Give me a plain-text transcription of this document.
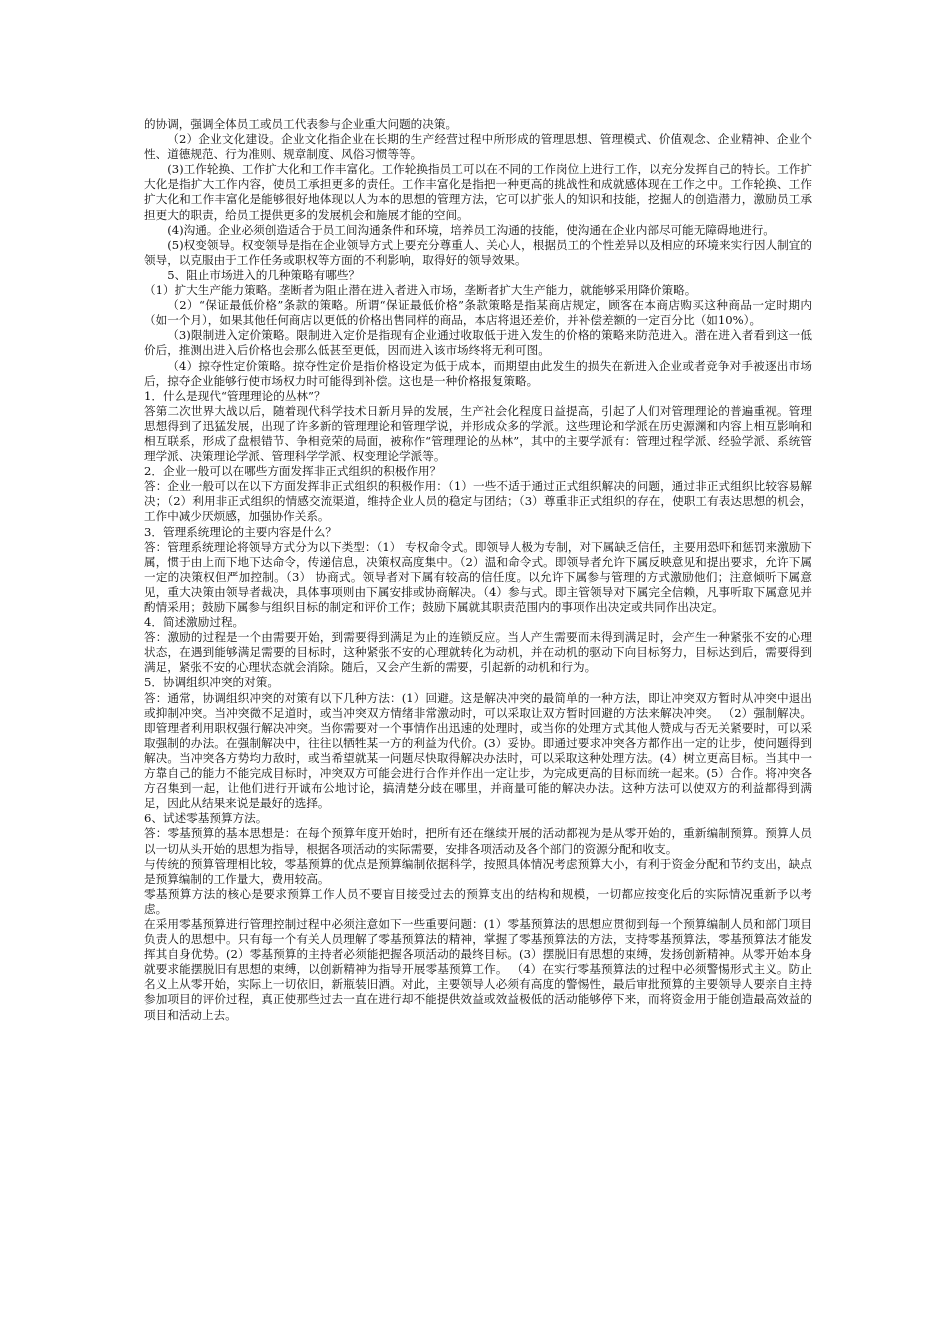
的协调，强调全体员工或员工代表参与企业重大问题的决策。

（2）企业文化建设。企业文化指企业在长期的生产经营过程中所形成的管理思想、管理模式、价值观念、企业精神、企业个性、道德规范、行为准则、规章制度、风俗习惯等等。

(3)工作轮换、工作扩大化和工作丰富化。工作轮换指员工可以在不同的工作岗位上进行工作，以充分发挥自己的特长。工作扩大化是指扩大工作内容，使员工承担更多的责任。工作丰富化是指把一种更高的挑战性和成就感体现在工作之中。工作轮换、工作扩大化和工作丰富化是能够很好地体现以人为本的思想的管理方法，它可以扩张人的知识和技能，挖掘人的创造潜力，激励员工承担更大的职责，给员工提供更多的发展机会和施展才能的空间。

(4)沟通。企业必须创造适合于员工间沟通条件和环境，培养员工沟通的技能，使沟通在企业内部尽可能无障碍地进行。

(5)权变领导。权变领导是指在企业领导方式上要充分尊重人、关心人，根据员工的个性差异以及相应的环境来实行因人制宜的领导，以克服由于工作任务或职权等方面的不利影响，取得好的领导效果。

5、阻止市场进入的几种策略有哪些？

（1）扩大生产能力策略。垄断者为阻止潜在进入者进入市场，垄断者扩大生产能力，就能够采用降价策略。

（2）“保证最低价格”条款的策略。所谓“保证最低价格”条款策略是指某商店规定，顾客在本商店购买这种商品一定时期内（如一个月），如果其他任何商店以更低的价格出售同样的商品，本店将退还差价，并补偿差额的一定百分比（如10%）。

（3)限制进入定价策略。限制进入定价是指现有企业通过收取低于进入发生的价格的策略来防范进入。潜在进入者看到这一低价后，推测出进入后价格也会那么低甚至更低，因而进入该市场终将无利可图。

（4）掠夺性定价策略。掠夺性定价是指价格设定为低于成本，而期望由此发生的损失在新进入企业或者竞争对手被逐出市场后，掠夺企业能够行使市场权力时可能得到补偿。这也是一种价格报复策略。

1．什么是现代“管理理论的丛林”？

答第二次世界大战以后，随着现代科学技术日新月异的发展，生产社会化程度日益提高，引起了人们对管理理论的普遍重视。管理思想得到了迅猛发展，出现了许多新的管理理论和管理学说，并形成众多的学派。这些理论和学派在历史源渊和内容上相互影响和相互联系，形成了盘根错节、争相竞荣的局面，被称作“管理理论的丛林”，其中的主要学派有：管理过程学派、经验学派、系统管理学派、决策理论学派、管理科学学派、权变理论学派等。

2．企业一般可以在哪些方面发挥非正式组织的积极作用？

答：企业一般可以在以下方面发挥非正式组织的积极作用：（1）一些不适于通过正式组织解决的问题，通过非正式组织比较容易解决；（2）利用非正式组织的情感交流渠道，维持企业人员的稳定与团结；（3）尊重非正式组织的存在，使职工有表达思想的机会，工作中减少厌烦感，加强协作关系。

3．管理系统理论的主要内容是什么？

答：管理系统理论将领导方式分为以下类型：（1） 专权命令式。即领导人极为专制，对下属缺乏信任，主要用恐吓和惩罚来激励下属，惯于由上而下地下达命令，传递信息，决策权高度集中。（2）温和命令式。即领导者允许下属反映意见和提出要求，允许下属一定的决策权但严加控制。（3） 协商式。领导者对下属有较高的信任度。以允许下属参与管理的方式激励他们；注意倾听下属意见，重大决策由领导者裁决，具体事项则由下属安排或协商解决。（4）参与式。即主管领导对下属完全信赖，凡事听取下属意见并酌情采用；鼓励下属参与组织目标的制定和评价工作；鼓励下属就其职责范围内的事项作出决定或共同作出决定。

4．简述激励过程。

答：激励的过程是一个由需要开始，到需要得到满足为止的连锁反应。当人产生需要而未得到满足时，会产生一种紧张不安的心理状态，在遇到能够满足需要的目标时，这种紧张不安的心理就转化为动机，并在动机的驱动下向目标努力，目标达到后，需要得到满足，紧张不安的心理状态就会消除。随后，又会产生新的需要，引起新的动机和行为。

5．协调组织冲突的对策。

答：通常，协调组织冲突的对策有以下几种方法：(1）回避。这是解决冲突的最简单的一种方法，即让冲突双方暂时从冲突中退出或抑制冲突。当冲突微不足道时，或当冲突双方情绪非常激动时，可以采取让双方暂时回避的方法来解决冲突。 （2）强制解决。即管理者利用职权强行解决冲突。当你需要对一个事情作出迅速的处理时，或当你的处理方式其他人赞成与否无关紧要时，可以采取强制的办法。在强制解决中，往往以牺牲某一方的利益为代价。(3）妥协。即通过要求冲突各方都作出一定的让步，使问题得到解决。当冲突各方势均力敌时，或当希望就某一问题尽快取得解决办法时，可以采取这种处理方法。(4）树立更高目标。当其中一方靠自己的能力不能完成目标时，冲突双方可能会进行合作并作出一定让步，为完成更高的目标而统一起来。(5）合作。将冲突各方召集到一起，让他们进行开诚布公地讨论，搞清楚分歧在哪里，并商量可能的解决办法。这种方法可以使双方的利益都得到满足，因此从结果来说是最好的选择。

6、试述零基预算方法。

答：零基预算的基本思想是：在每个预算年度开始时，把所有还在继续开展的活动都视为是从零开始的，重新编制预算。预算人员以一切从头开始的思想为指导，根据各项活动的实际需要，安排各项活动及各个部门的资源分配和收支。

与传统的预算管理相比较，零基预算的优点是预算编制依据科学，按照具体情况考虑预算大小，有利于资金分配和节约支出，缺点是预算编制的工作量大，费用较高。

零基预算方法的核心是要求预算工作人员不要盲目接受过去的预算支出的结构和规模，一切都应按变化后的实际情况重新予以考虑。

在采用零基预算进行管理控制过程中必须注意如下一些重要问题：(1）零基预算法的思想应贯彻到每一个预算编制人员和部门项目负责人的思想中。只有每一个有关人员理解了零基预算法的精神，掌握了零基预算法的方法，支持零基预算法，零基预算法才能发挥其自身优势。(2）零基预算的主持者必须能把握各项活动的最终目标。(3）摆脱旧有思想的束缚，发扬创新精神。从零开始本身就要求能摆脱旧有思想的束缚，以创新精神为指导开展零基预算工作。 （4）在实行零基预算法的过程中必须警惕形式主义。防止名义上从零开始，实际上一切依旧，新瓶装旧酒。对此，主要领导人必须有高度的警惕性，最后审批预算的主要领导人要亲自主持参加项目的评价过程，真正使那些过去一直在进行却不能提供效益或效益极低的活动能够停下来，而将资金用于能创造最高效益的项目和活动上去。
